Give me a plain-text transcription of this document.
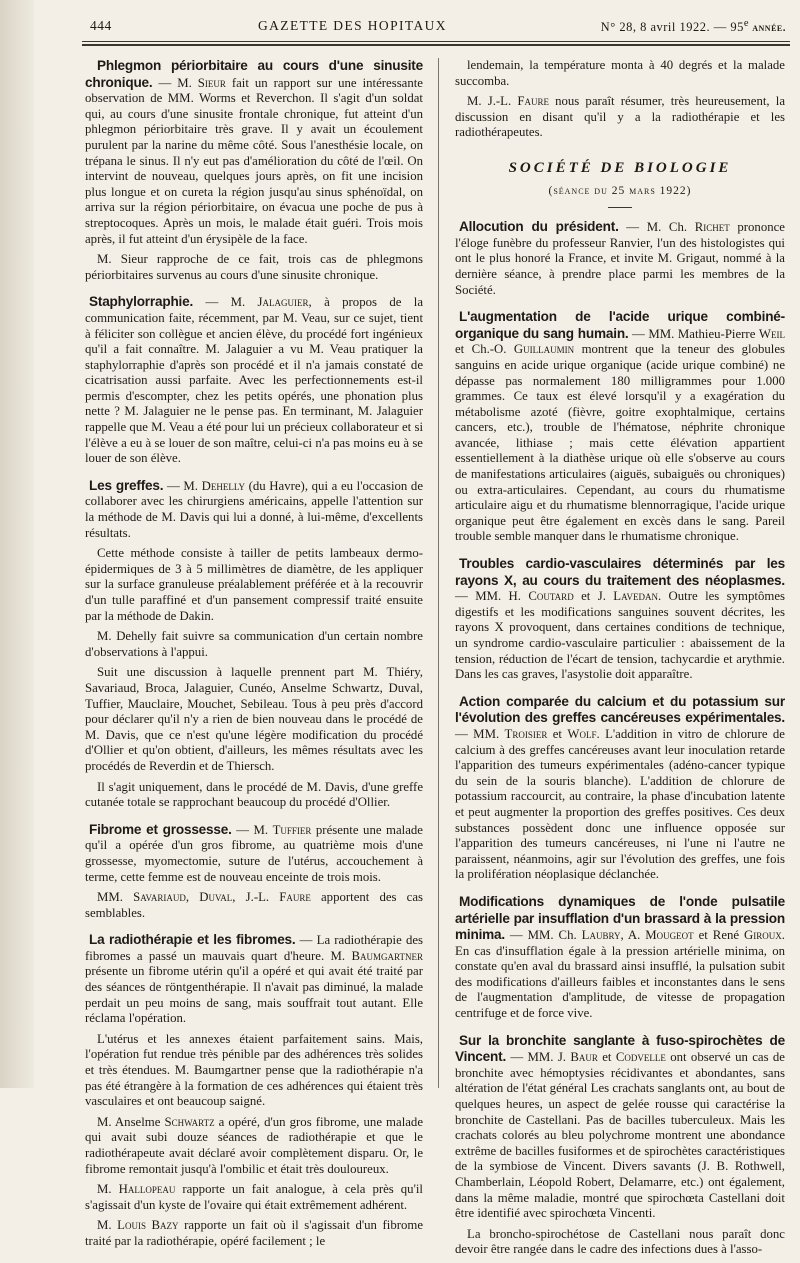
444	GAZETTE DES HOPITAUX	N° 28, 8 avril 1922. — 95e année.

Phlegmon périorbitaire au cours d'une sinusite chronique. — M. Sieur fait un rapport sur une intéressante observation de MM. Worms et Reverchon. Il s'agit d'un soldat qui, au cours d'une sinusite frontale chronique, fut atteint d'un phlegmon périorbitaire très grave. Il y avait un écoulement purulent par la narine du même côté. Sous l'anesthésie locale, on trépana le sinus. Il n'y eut pas d'amélioration du côté de l'œil. On intervint de nouveau, quelques jours après, on fit une incision plus longue et on cureta la région jusqu'au sinus sphénoïdal, on arriva sur la région périorbitaire, on évacua une poche de pus à streptocoques. Après un mois, le malade était guéri. Trois mois après, il fut atteint d'un érysipèle de la face.

M. Sieur rapproche de ce fait, trois cas de phlegmons périorbitaires survenus au cours d'une sinusite chronique.

Staphylorraphie. — M. Jalaguier, à propos de la communication faite, récemment, par M. Veau, sur ce sujet, tient à féliciter son collègue et ancien élève, du procédé fort ingénieux qu'il a fait connaître. M. Jalaguier a vu M. Veau pratiquer la staphylorraphie d'après son procédé et il n'a jamais constaté de cicatrisation aussi parfaite. Avec les perfectionnements est-il permis d'escompter, chez les petits opérés, une phonation plus nette ? M. Jalaguier ne le pense pas. En terminant, M. Jalaguier rappelle que M. Veau a été pour lui un précieux collaborateur et si l'élève a eu à se louer de son maître, celui-ci n'a pas moins eu à se louer de son élève.

Les greffes. — M. Dehelly (du Havre), qui a eu l'occasion de collaborer avec les chirurgiens américains, appelle l'attention sur la méthode de M. Davis qui lui a donné, à lui-même, d'excellents résultats.

Cette méthode consiste à tailler de petits lambeaux dermo-épidermiques de 3 à 5 millimètres de diamètre, de les appliquer sur la surface granuleuse préalablement préférée et à la recouvrir d'un tulle paraffiné et d'un pansement compressif traité ensuite par la méthode de Dakin.

M. Dehelly fait suivre sa communication d'un certain nombre d'observations à l'appui.

Suit une discussion à laquelle prennent part M. Thiéry, Savariaud, Broca, Jalaguier, Cunéo, Anselme Schwartz, Duval, Tuffier, Mauclaire, Mouchet, Sebileau. Tous à peu près d'accord pour déclarer qu'il n'y a rien de bien nouveau dans le procédé de M. Davis, que ce n'est qu'une légère modification du procédé d'Ollier et qu'on obtient, d'ailleurs, les mêmes résultats avec les procédés de Reverdin et de Thiersch.

Il s'agit uniquement, dans le procédé de M. Davis, d'une greffe cutanée totale se rapprochant beaucoup du procédé d'Ollier.

Fibrome et grossesse. — M. Tuffier présente une malade qu'il a opérée d'un gros fibrome, au quatrième mois d'une grossesse, myomectomie, suture de l'utérus, accouchement à terme, cette femme est de nouveau enceinte de trois mois.

MM. Savariaud, Duval, J.-L. Faure apportent des cas semblables.

La radiothérapie et les fibromes. — La radiothérapie des fibromes a passé un mauvais quart d'heure. M. Baumgartner présente un fibrome utérin qu'il a opéré et qui avait été traité par des séances de röntgenthérapie. Il n'avait pas diminué, la malade perdait un peu moins de sang, mais souffrait tout autant. Elle réclama l'opération.

L'utérus et les annexes étaient parfaitement sains. Mais, l'opération fut rendue très pénible par des adhérences très solides et très étendues. M. Baumgartner pense que la radiothérapie n'a pas été étrangère à la formation de ces adhérences qui étaient très vasculaires et ont beaucoup saigné.

M. Anselme Schwartz a opéré, d'un gros fibrome, une malade qui avait subi douze séances de radiothérapie et que le radiothérapeute avait déclaré avoir complètement disparu. Or, le fibrome remontait jusqu'à l'ombilic et était très douloureux.

M. Hallopeau rapporte un fait analogue, à cela près qu'il s'agissait d'un kyste de l'ovaire qui était extrêmement adhérent.

M. Louis Bazy rapporte un fait où il s'agissait d'un fibrome traité par la radiothérapie, opéré facilement ; le

lendemain, la température monta à 40 degrés et la malade succomba.

M. J.-L. Faure nous paraît résumer, très heureusement, la discussion en disant qu'il y a la radiothérapie et les radiothérapeutes.

SOCIÉTÉ DE BIOLOGIE
(séance du 25 mars 1922)

Allocution du président. — M. Ch. Richet prononce l'éloge funèbre du professeur Ranvier, l'un des histologistes qui ont le plus honoré la France, et invite M. Grigaut, nommé à la dernière séance, à prendre place parmi les membres de la Société.

L'augmentation de l'acide urique combiné-organique du sang humain. — MM. Mathieu-Pierre Weil et Ch.-O. Guillaumin montrent que la teneur des globules sanguins en acide urique organique (acide urique combiné) ne dépasse pas normalement 180 milligrammes pour 1.000 grammes. Ce taux est élevé lorsqu'il y a exagération du métabolisme azoté (fièvre, goitre exophtalmique, certains cancers, etc.), trouble de l'hématose, néphrite chronique avancée, lithiase ; mais cette élévation appartient essentiellement à la diathèse urique où elle s'observe au cours de manifestations articulaires (aiguës, subaiguës ou chroniques) ou extra-articulaires. Cependant, au cours du rhumatisme articulaire aigu et du rhumatisme blennorragique, l'acide urique organique peut être également en excès dans le sang. Pareil trouble semble manquer dans le rhumatisme chronique.

Troubles cardio-vasculaires déterminés par les rayons X, au cours du traitement des néoplasmes. — MM. H. Coutard et J. Lavedan. Outre les symptômes digestifs et les modifications sanguines souvent décrites, les rayons X provoquent, dans certaines conditions de technique, un syndrome cardio-vasculaire particulier : abaissement de la tension, réduction de l'écart de tension, tachycardie et arythmie. Dans les cas graves, l'asystolie doit apparaître.

Action comparée du calcium et du potassium sur l'évolution des greffes cancéreuses expérimentales. — MM. Troisier et Wolf. L'addition in vitro de chlorure de calcium à des greffes cancéreuses avant leur inoculation retarde l'apparition des tumeurs expérimentales (adéno-cancer typique du sein de la souris blanche). L'addition de chlorure de potassium raccourcit, au contraire, la phase d'incubation latente et peut augmenter la proportion des greffes positives. Ces deux substances possèdent donc une influence opposée sur l'apparition des tumeurs cancéreuses, ni l'une ni l'autre ne paraissent, néanmoins, agir sur l'évolution des greffes, une fois la prolifération néoplasique déclanchée.

Modifications dynamiques de l'onde pulsatile artérielle par insufflation d'un brassard à la pression minima. — MM. Ch. Laubry, A. Mougeot et René Giroux. En cas d'insufflation égale à la pression artérielle minima, on constate qu'en aval du brassard ainsi insufflé, la pulsation subit des modifications d'ailleurs faibles et inconstantes dans le sens de l'augmentation d'amplitude, de vitesse de propagation centrifuge et de force vive.

Sur la bronchite sanglante à fuso-spirochètes de Vincent. — MM. J. Baur et Codvelle ont observé un cas de bronchite avec hémoptysies récidivantes et abondantes, sans altération de l'état général Les crachats sanglants ont, au bout de quelques heures, un aspect de gelée rousse qui caractérise la bronchite de Castellani. Pas de bacilles tuberculeux. Mais les crachats colorés au bleu polychrome montrent une abondance extrême de bacilles fusiformes et de spirochètes caractéristiques de la symbiose de Vincent. Divers savants (J. B. Rothwell, Chamberlain, Léopold Robert, Delamarre, etc.) ont également, dans la même maladie, montré que spirochœta Castellani doit être identifié avec spirochœta Vincenti.

La broncho-spirochétose de Castellani nous paraît donc devoir être rangée dans le cadre des infections dues à l'asso-
